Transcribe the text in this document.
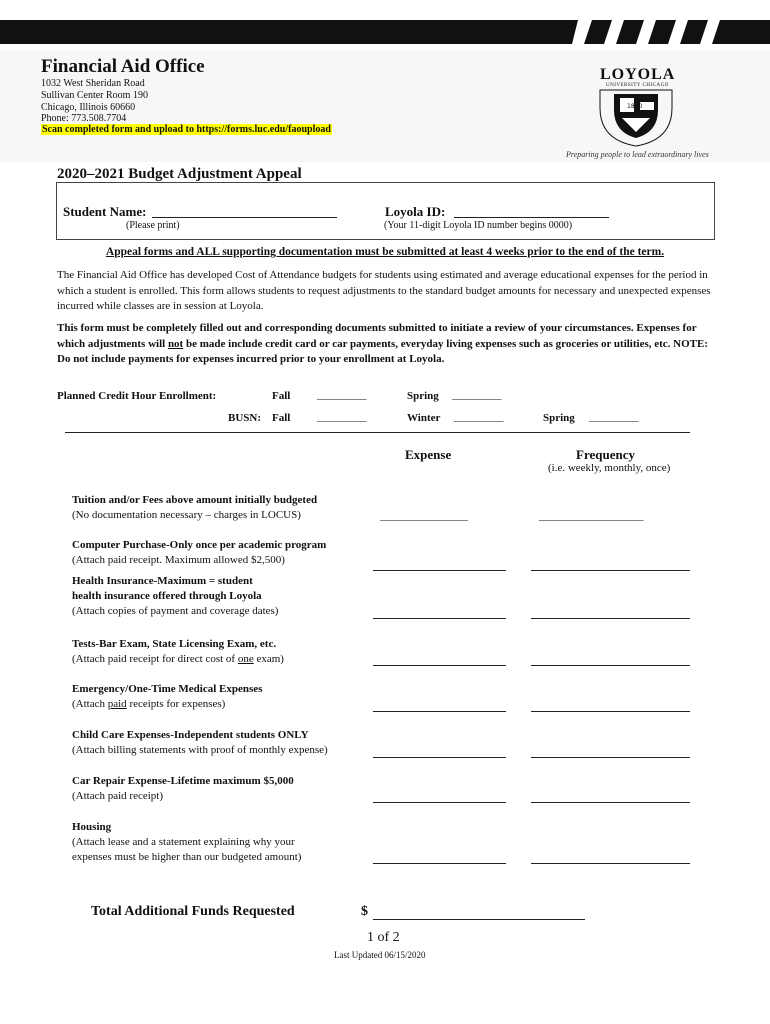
Financial Aid Office
1032 West Sheridan Road
Sullivan Center Room 190
Chicago, Illinois 60660
Phone: 773.508.7704
Scan completed form and upload to https://forms.luc.edu/faoupload
LOYOLA
UNIVERSITY CHICAGO
1870
Preparing people to lead extraordinary lives
2020–2021 Budget Adjustment Appeal
Student Name:
(Please print)
Loyola ID:
(Your 11-digit Loyola ID number begins 0000)
Appeal forms and ALL supporting documentation must be submitted at least 4 weeks prior to the end of the term.
The Financial Aid Office has developed Cost of Attendance budgets for students using estimated and average educational expenses for the period in which a student is enrolled. This form allows students to request adjustments to the standard budget amounts for necessary and unexpected expenses incurred while classes are in session at Loyola.
This form must be completely filled out and corresponding documents submitted to initiate a review of your circumstances. Expenses for which adjustments will not be made include credit card or car payments, everyday living expenses such as groceries or utilities, etc. NOTE: Do not include payments for expenses incurred prior to your enrollment at Loyola.
Planned Credit Hour Enrollment:	Fall _________	Spring _________
BUSN: Fall _________	Winter _________	Spring _________
Expense	Frequency
(i.e. weekly, monthly, once)
Tuition and/or Fees above amount initially budgeted
(No documentation necessary – charges in LOCUS)	________________	___________________
Computer Purchase-Only once per academic program
(Attach paid receipt. Maximum allowed $2,500)
Health Insurance-Maximum = student
health insurance offered through Loyola
(Attach copies of payment and coverage dates)
Tests-Bar Exam, State Licensing Exam, etc.
(Attach paid receipt for direct cost of one exam)
Emergency/One-Time Medical Expenses
(Attach paid receipts for expenses)
Child Care Expenses-Independent students ONLY
(Attach billing statements with proof of monthly expense)
Car Repair Expense-Lifetime maximum $5,000
(Attach paid receipt)
Housing
(Attach lease and a statement explaining why your
expenses must be higher than our budgeted amount)
Total Additional Funds Requested	$
1 of 2
Last Updated 06/15/2020
